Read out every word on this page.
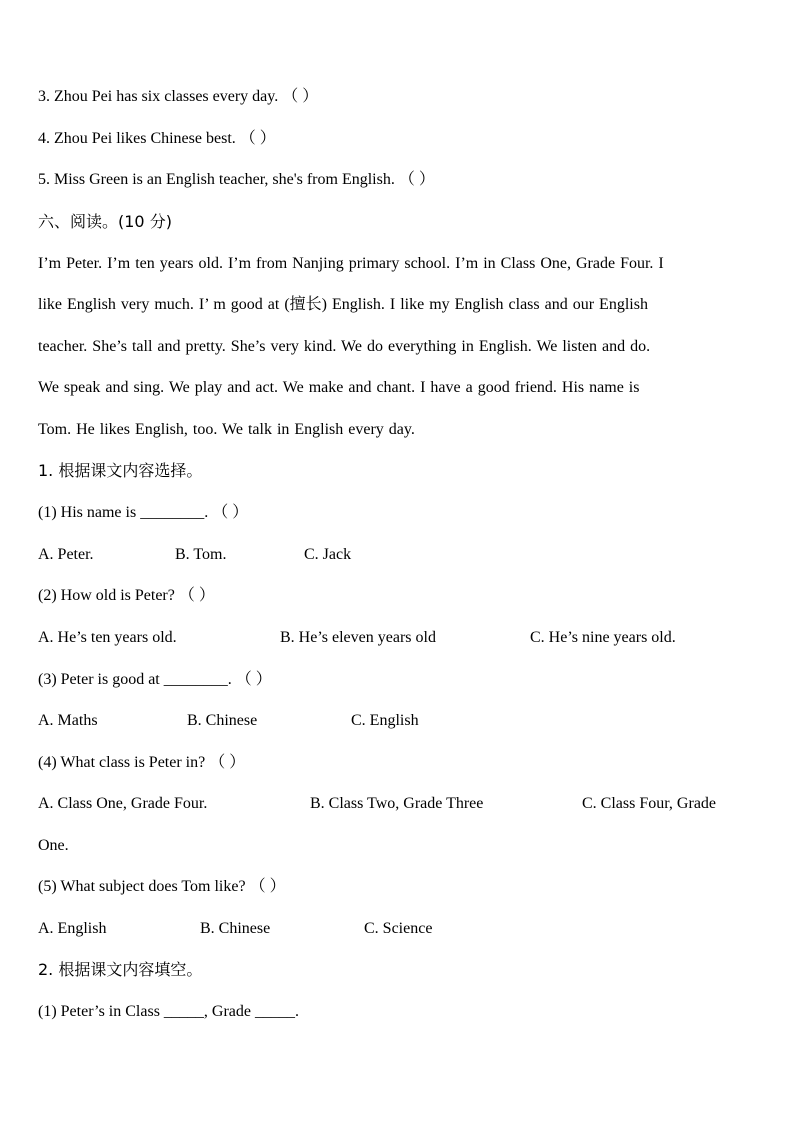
3. Zhou Pei has six classes every day. （ ）
4. Zhou Pei likes Chinese best. （ ）
5. Miss Green is an English teacher, she's from English. （ ）
六、阅读。(10 分)
I’m Peter. I’m ten years old. I’m from Nanjing primary school. I’m in Class One, Grade Four. I
like English very much. I’ m good at (擅长) English. I like my English class and our English
teacher. She’s tall and pretty. She’s very kind. We do everything in English. We listen and do.
We speak and sing. We play and act. We make and chant. I have a good friend. His name is
Tom. He likes English, too. We talk in English every day.
1. 根据课文内容选择。
(1) His name is ________. （ ）
A. Peter.	B. Tom.	C. Jack
(2) How old is Peter? （ ）
A. He’s ten years old.	B. He’s eleven years old	C. He’s nine years old.
(3) Peter is good at ________. （ ）
A. Maths	B. Chinese	C. English
(4) What class is Peter in? （ ）
A. Class One, Grade Four.	B. Class Two, Grade Three	C. Class Four, Grade
One.
(5) What subject does Tom like? （ ）
A. English	B. Chinese	C. Science
2. 根据课文内容填空。
(1) Peter’s in Class _____, Grade _____.
